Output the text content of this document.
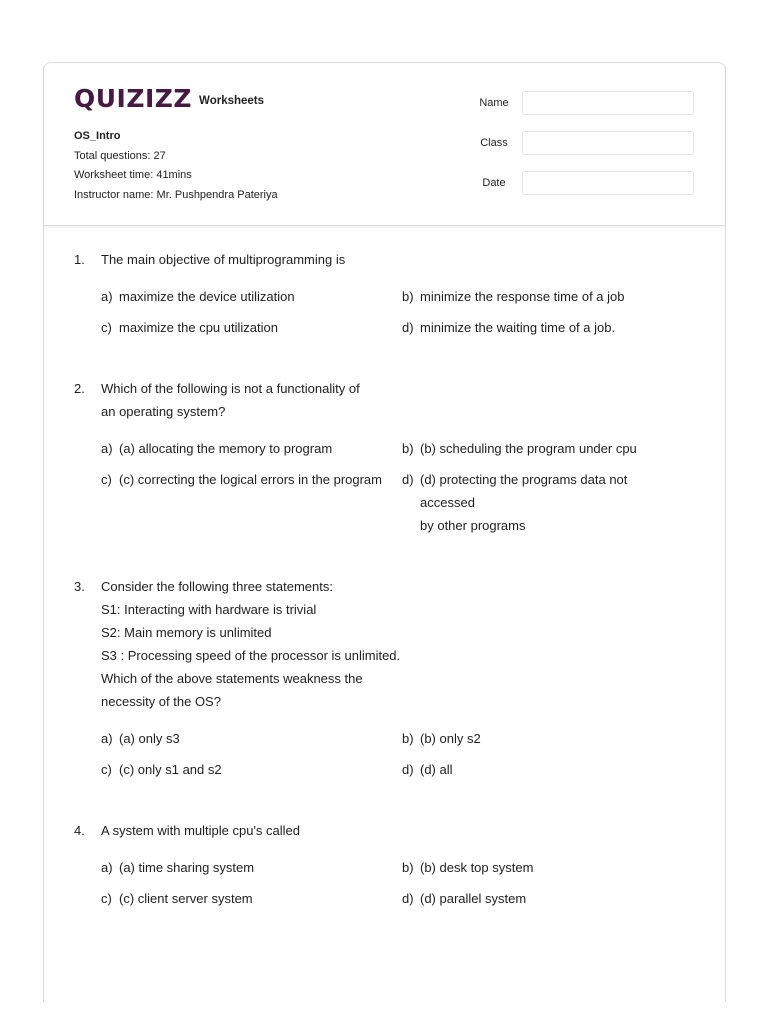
QUIZIZZ Worksheets
OS_Intro
Total questions: 27
Worksheet time: 41mins
Instructor name: Mr. Pushpendra Pateriya
Name
Class
Date
1.	The main objective of multiprogramming is
a) maximize the device utilization	b) minimize the response time of a job
c) maximize the cpu utilization	d) minimize the waiting time of a job.
2.	Which of the following is not a functionality of
an operating system?
a) (a) allocating the memory to program	b) (b) scheduling the program under cpu
c) (c) correcting the logical errors in the program d) (d) protecting the programs data not
accessed
by other programs
3.	Consider the following three statements:
S1: Interacting with hardware is trivial
S2: Main memory is unlimited
S3 : Processing speed of the processor is unlimited.
Which of the above statements weakness the
necessity of the OS?
a) (a) only s3	b) (b) only s2
c) (c) only s1 and s2	d) (d) all
4.	A system with multiple cpu's called
a) (a) time sharing system	b) (b) desk top system
c) (c) client server system	d) (d) parallel system
